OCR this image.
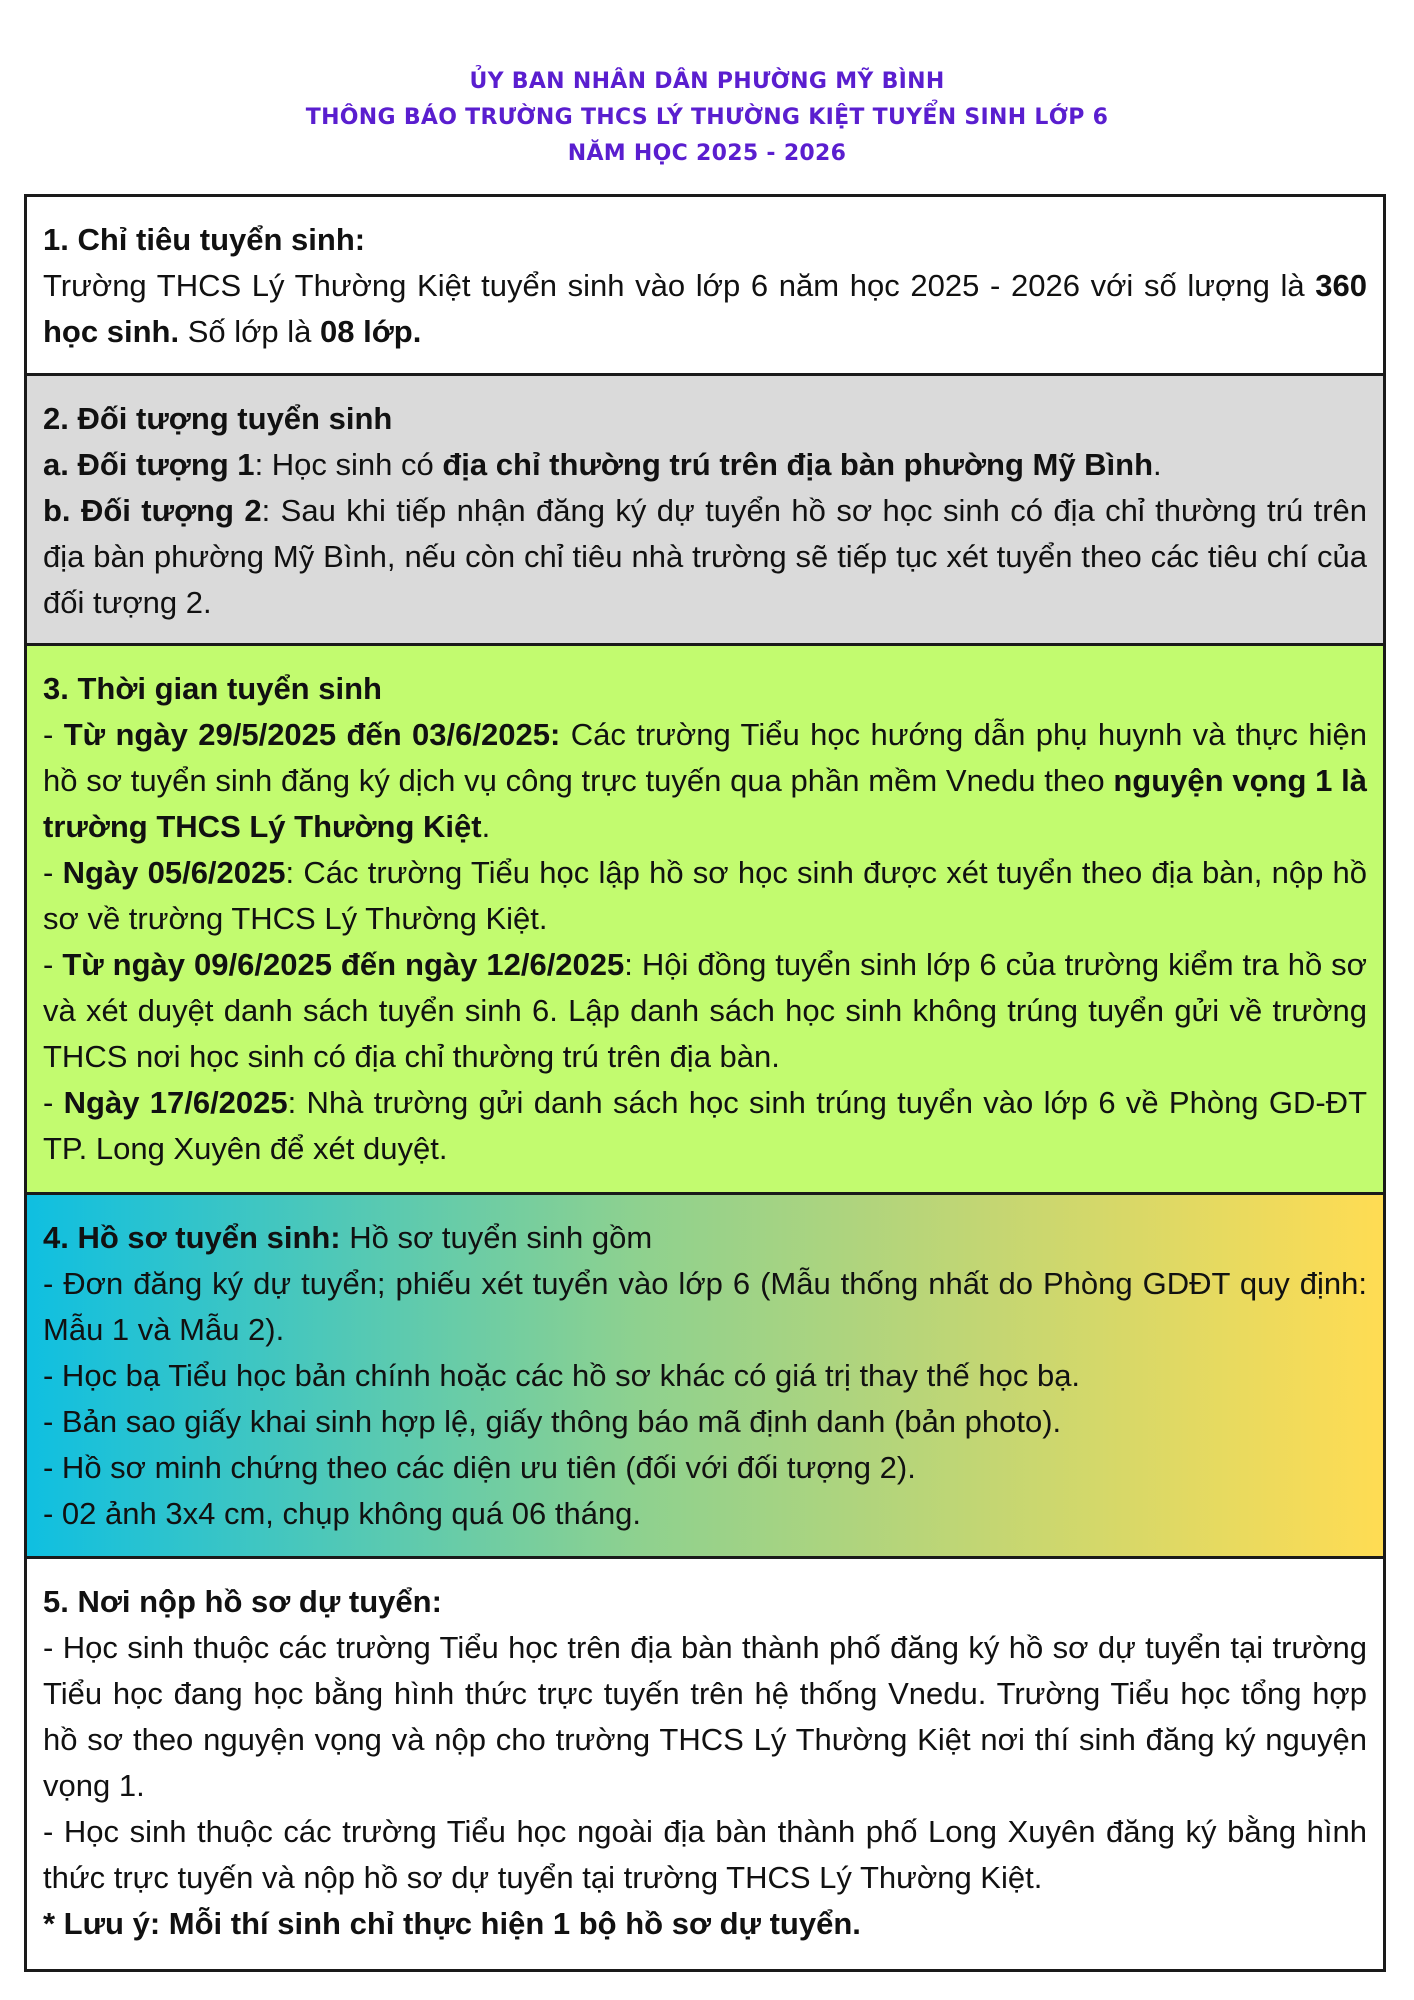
ỦY BAN NHÂN DÂN PHƯỜNG MỸ BÌNH
THÔNG BÁO TRƯỜNG THCS LÝ THƯỜNG KIỆT TUYỂN SINH LỚP 6
NĂM HỌC 2025 - 2026

1. Chỉ tiêu tuyển sinh:

Trường THCS Lý Thường Kiệt tuyển sinh vào lớp 6 năm học 2025 - 2026 với số lượng là 360 học sinh. Số lớp là 08 lớp.

2. Đối tượng tuyển sinh

a. Đối tượng 1: Học sinh có địa chỉ thường trú trên địa bàn phường Mỹ Bình.

b. Đối tượng 2: Sau khi tiếp nhận đăng ký dự tuyển hồ sơ học sinh có địa chỉ thường trú trên địa bàn phường Mỹ Bình, nếu còn chỉ tiêu nhà trường sẽ tiếp tục xét tuyển theo các tiêu chí của đối tượng 2.

3. Thời gian tuyển sinh

- Từ ngày 29/5/2025 đến 03/6/2025: Các trường Tiểu học hướng dẫn phụ huynh và thực hiện hồ sơ tuyển sinh đăng ký dịch vụ công trực tuyến qua phần mềm Vnedu theo nguyện vọng 1 là trường THCS Lý Thường Kiệt.

- Ngày 05/6/2025: Các trường Tiểu học lập hồ sơ học sinh được xét tuyển theo địa bàn, nộp hồ sơ về trường THCS Lý Thường Kiệt.

- Từ ngày 09/6/2025 đến ngày 12/6/2025: Hội đồng tuyển sinh lớp 6 của trường kiểm tra hồ sơ và xét duyệt danh sách tuyển sinh 6. Lập danh sách học sinh không trúng tuyển gửi về trường THCS nơi học sinh có địa chỉ thường trú trên địa bàn.

- Ngày 17/6/2025: Nhà trường gửi danh sách học sinh trúng tuyển vào lớp 6 về Phòng GD-ĐT TP. Long Xuyên để xét duyệt.

4. Hồ sơ tuyển sinh: Hồ sơ tuyển sinh gồm

- Đơn đăng ký dự tuyển; phiếu xét tuyển vào lớp 6 (Mẫu thống nhất do Phòng GDĐT quy định: Mẫu 1 và Mẫu 2).

- Học bạ Tiểu học bản chính hoặc các hồ sơ khác có giá trị thay thế học bạ.

- Bản sao giấy khai sinh hợp lệ, giấy thông báo mã định danh (bản photo).

- Hồ sơ minh chứng theo các diện ưu tiên (đối với đối tượng 2).

- 02 ảnh 3x4 cm, chụp không quá 06 tháng.

5. Nơi nộp hồ sơ dự tuyển:

- Học sinh thuộc các trường Tiểu học trên địa bàn thành phố đăng ký hồ sơ dự tuyển tại trường Tiểu học đang học bằng hình thức trực tuyến trên hệ thống Vnedu. Trường Tiểu học tổng hợp hồ sơ theo nguyện vọng và nộp cho trường THCS Lý Thường Kiệt nơi thí sinh đăng ký nguyện vọng 1.

- Học sinh thuộc các trường Tiểu học ngoài địa bàn thành phố Long Xuyên đăng ký bằng hình thức trực tuyến và nộp hồ sơ dự tuyển tại trường THCS Lý Thường Kiệt.

* Lưu ý: Mỗi thí sinh chỉ thực hiện 1 bộ hồ sơ dự tuyển.
